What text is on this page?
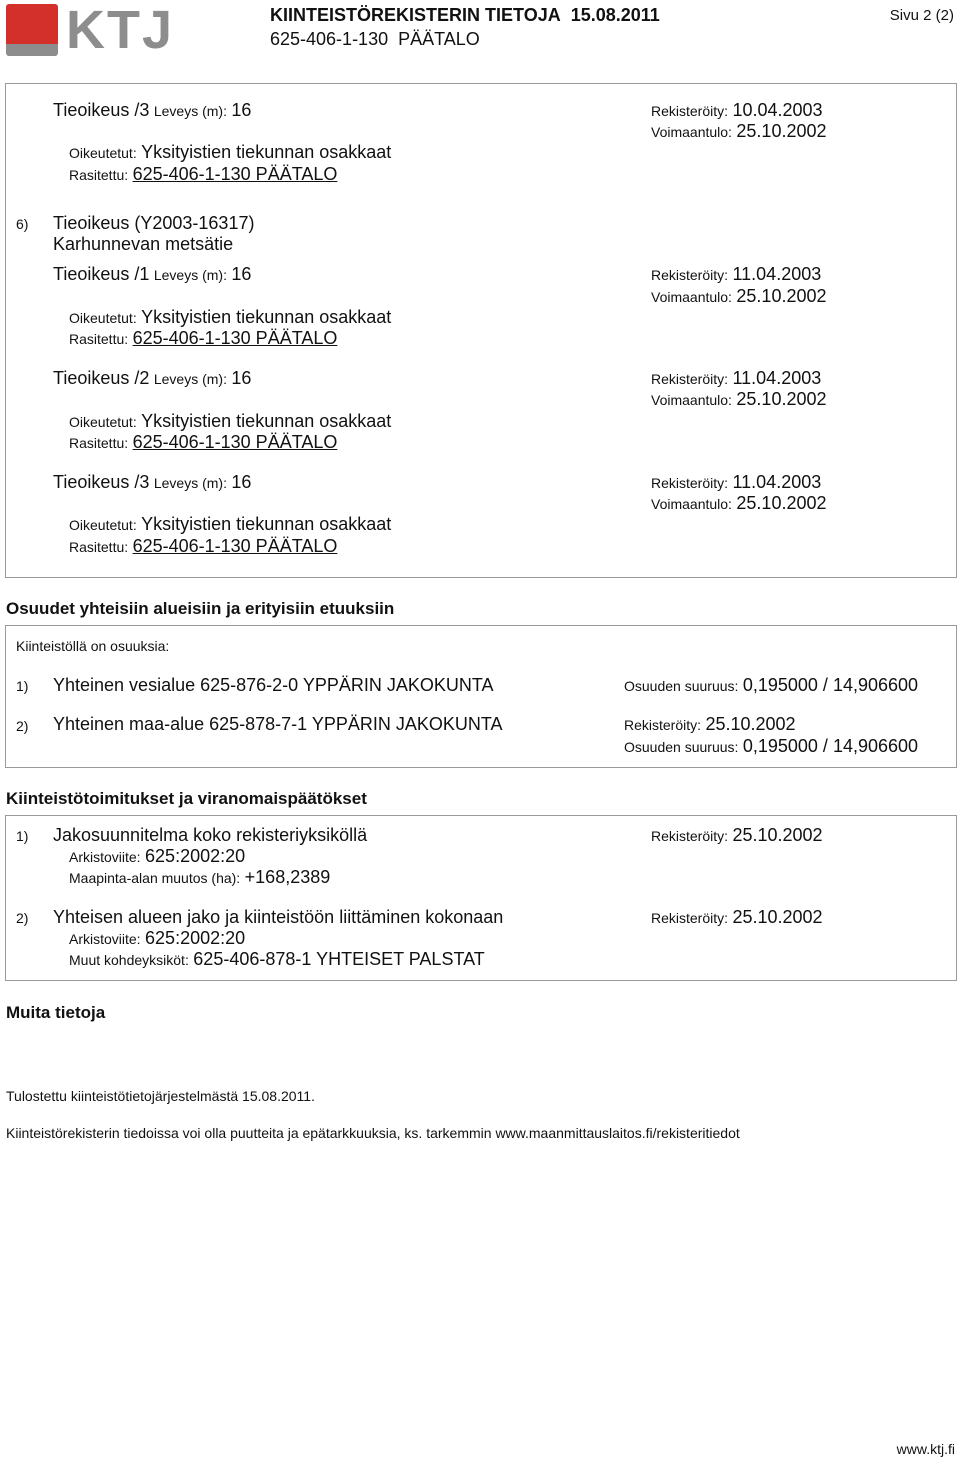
KTJ	KIINTEISTÖREKISTERIN TIETOJA 15.08.2011
625-406-1-130  PÄÄTALO
Sivu 2 (2)
Tieoikeus /3 Leveys (m): 16	Rekisteröity: 10.04.2003
Voimaantulo: 25.10.2002
Oikeutetut: Yksityistien tiekunnan osakkaat
Rasitettu: 625-406-1-130 PÄÄTALO
6) Tieoikeus (Y2003-16317)
Karhunnevan metsätie
Tieoikeus /1 Leveys (m): 16	Rekisteröity: 11.04.2003
Voimaantulo: 25.10.2002
Oikeutetut: Yksityistien tiekunnan osakkaat
Rasitettu: 625-406-1-130 PÄÄTALO
Tieoikeus /2 Leveys (m): 16	Rekisteröity: 11.04.2003
Voimaantulo: 25.10.2002
Oikeutetut: Yksityistien tiekunnan osakkaat
Rasitettu: 625-406-1-130 PÄÄTALO
Tieoikeus /3 Leveys (m): 16	Rekisteröity: 11.04.2003
Voimaantulo: 25.10.2002
Oikeutetut: Yksityistien tiekunnan osakkaat
Rasitettu: 625-406-1-130 PÄÄTALO
Osuudet yhteisiin alueisiin ja erityisiin etuuksiin
Kiinteistöllä on osuuksia:
1) Yhteinen vesialue 625-876-2-0 YPPÄRIN JAKOKUNTA	Osuuden suuruus: 0,195000 / 14,906600
2) Yhteinen maa-alue 625-878-7-1 YPPÄRIN JAKOKUNTA	Rekisteröity: 25.10.2002
Osuuden suuruus: 0,195000 / 14,906600
Kiinteistötoimitukset ja viranomaispäätökset
1) Jakosuunnitelma koko rekisteriyksiköllä	Rekisteröity: 25.10.2002
Arkistoviite: 625:2002:20
Maapinta-alan muutos (ha): +168,2389
2) Yhteisen alueen jako ja kiinteistöön liittäminen kokonaan	Rekisteröity: 25.10.2002
Arkistoviite: 625:2002:20
Muut kohdeyksiköt: 625-406-878-1 YHTEISET PALSTAT
Muita tietoja
Tulostettu kiinteistötietojärjestelmästä 15.08.2011.
Kiinteistörekisterin tiedoissa voi olla puutteita ja epätarkkuuksia, ks. tarkemmin www.maanmittauslaitos.fi/rekisteritiedot
www.ktj.fi
